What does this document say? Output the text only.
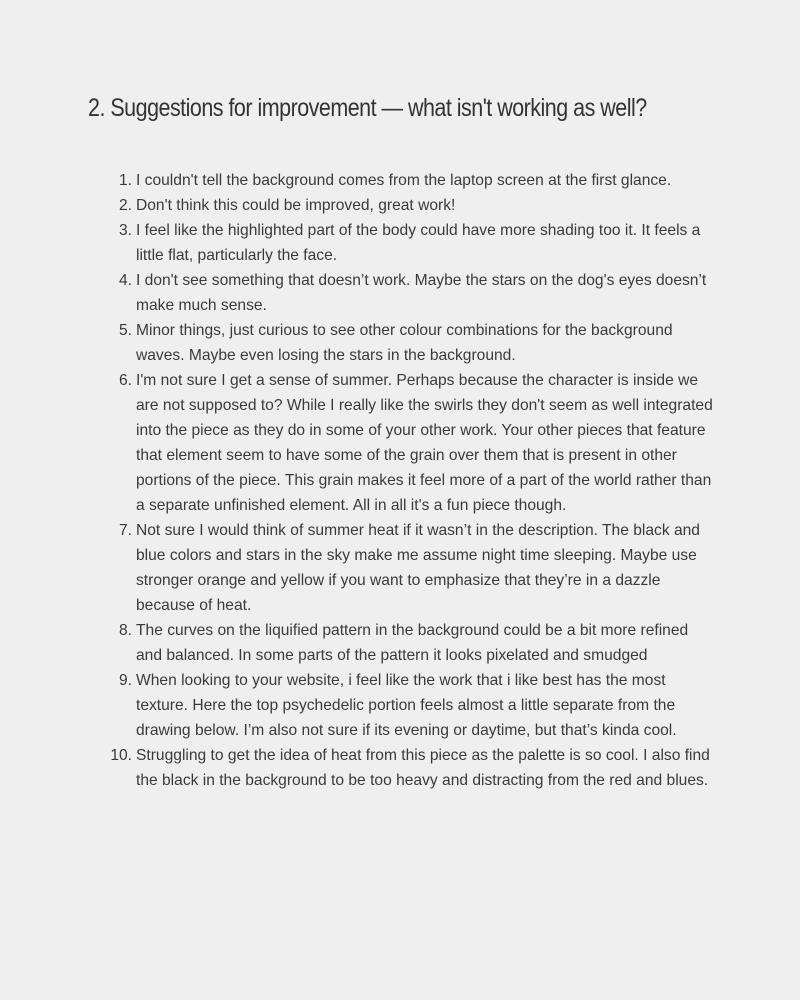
2. Suggestions for improvement — what isn't working as well?
1. I couldn't tell the background comes from the laptop screen at the first glance.
2. Don't think this could be improved, great work!
3. I feel like the highlighted part of the body could have more shading too it. It feels a little flat, particularly the face.
4. I don't see something that doesn’t work. Maybe the stars on the dog's eyes doesn’t make much sense.
5. Minor things, just curious to see other colour combinations for the background waves. Maybe even losing the stars in the background.
6. I'm not sure I get a sense of summer. Perhaps because the character is inside we are not supposed to? While I really like the swirls they don't seem as well integrated into the piece as they do in some of your other work. Your other pieces that feature that element seem to have some of the grain over them that is present in other portions of the piece. This grain makes it feel more of a part of the world rather than a separate unfinished element. All in all it's a fun piece though.
7. Not sure I would think of summer heat if it wasn’t in the description. The black and blue colors and stars in the sky make me assume night time sleeping. Maybe use stronger orange and yellow if you want to emphasize that they’re in a dazzle because of heat.
8. The curves on the liquified pattern in the background could be a bit more refined and balanced. In some parts of the pattern it looks pixelated and smudged
9. When looking to your website, i feel like the work that i like best has the most texture. Here the top psychedelic portion feels almost a little separate from the drawing below. I’m also not sure if its evening or daytime, but that’s kinda cool.
10. Struggling to get the idea of heat from this piece as the palette is so cool. I also find the black in the background to be too heavy and distracting from the red and blues.
